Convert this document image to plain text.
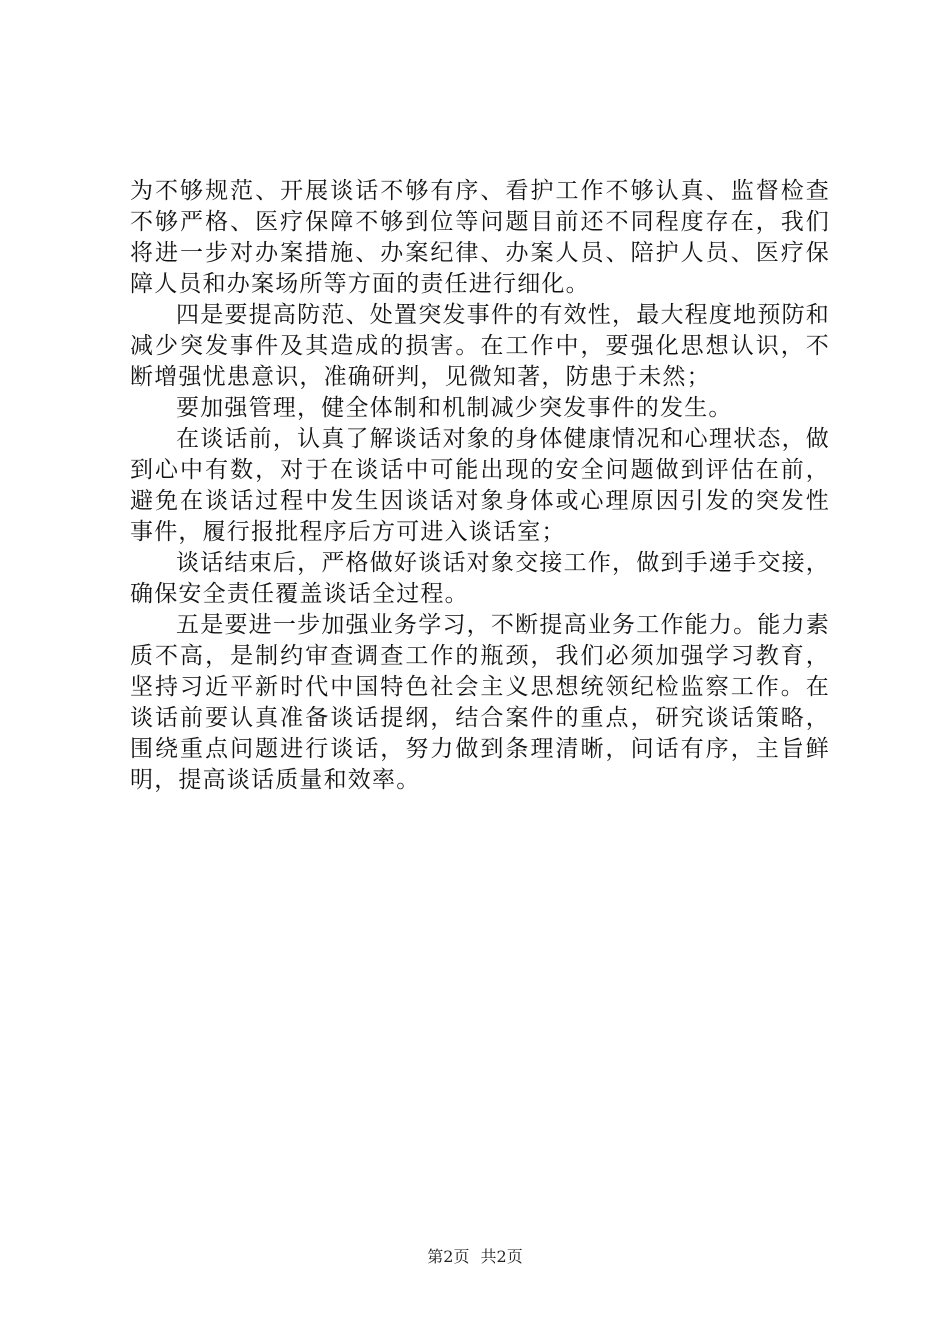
为不够规范、开展谈话不够有序、看护工作不够认真、监督检查不够严格、医疗保障不够到位等问题目前还不同程度存在，我们将进一步对办案措施、办案纪律、办案人员、陪护人员、医疗保障人员和办案场所等方面的责任进行细化。

四是要提高防范、处置突发事件的有效性，最大程度地预防和减少突发事件及其造成的损害。在工作中，要强化思想认识，不断增强忧患意识，准确研判，见微知著，防患于未然；

要加强管理，健全体制和机制减少突发事件的发生。

在谈话前，认真了解谈话对象的身体健康情况和心理状态，做到心中有数，对于在谈话中可能出现的安全问题做到评估在前，避免在谈话过程中发生因谈话对象身体或心理原因引发的突发性事件，履行报批程序后方可进入谈话室；

谈话结束后，严格做好谈话对象交接工作，做到手递手交接，确保安全责任覆盖谈话全过程。

五是要进一步加强业务学习，不断提高业务工作能力。能力素质不高，是制约审查调查工作的瓶颈，我们必须加强学习教育，坚持习近平新时代中国特色社会主义思想统领纪检监察工作。在谈话前要认真准备谈话提纲，结合案件的重点，研究谈话策略，围绕重点问题进行谈话，努力做到条理清晰，问话有序，主旨鲜明，提高谈话质量和效率。

第2页 共2页
